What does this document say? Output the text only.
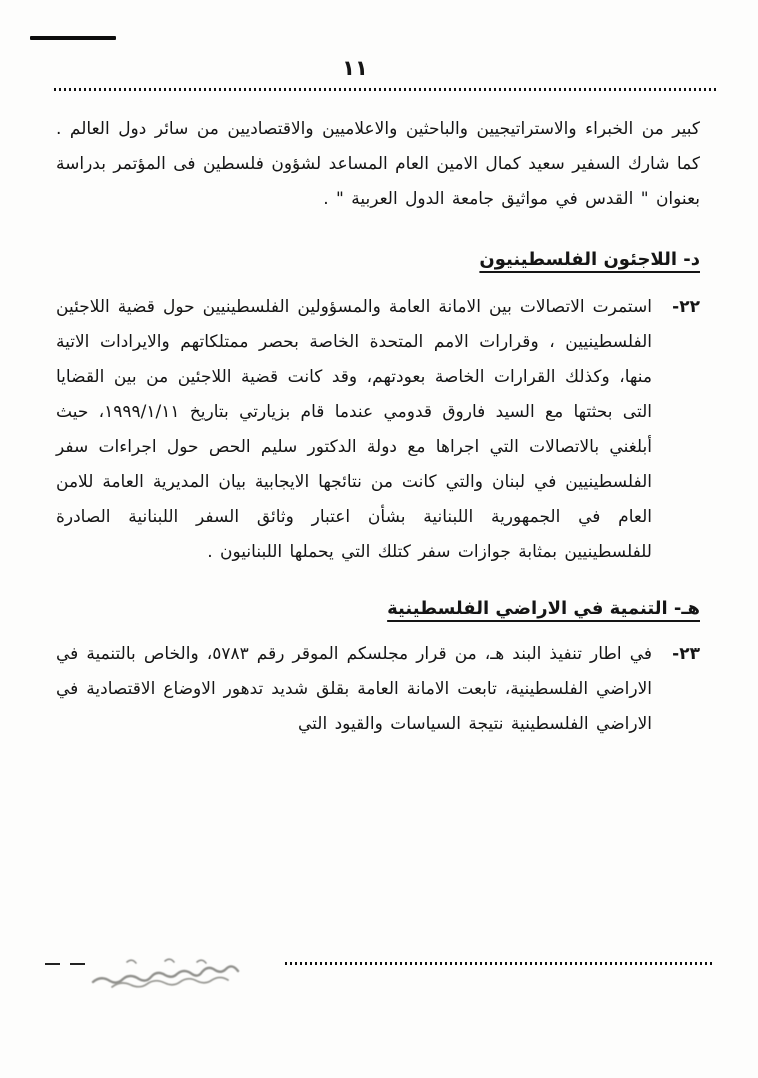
١١

كبير من الخبراء والاستراتيجيين والباحثين والاعلاميين والاقتصاديين من سائر دول العالم . كما شارك السفير سعيد كمال الامين العام المساعد لشؤون فلسطين فى المؤتمر بدراسة بعنوان " القدس في مواثيق جامعة الدول العربية " .

د- اللاجئون الفلسطينيون
٢٢-

استمرت الاتصالات بين الامانة العامة والمسؤولين الفلسطينيين حول قضية اللاجئين الفلسطينيين ، وقرارات الامم المتحدة الخاصة بحصر ممتلكاتهم والايرادات الاتية منها، وكذلك القرارات الخاصة بعودتهم، وقد كانت قضية اللاجئين من بين القضايا التى بحثتها مع السيد فاروق قدومي عندما قام بزيارتي بتاريخ ١٩٩٩/١/١١، حيث أبلغني بالاتصالات التي اجراها مع دولة الدكتور سليم الحص حول اجراءات سفر الفلسطينيين في لبنان والتي كانت من نتائجها الايجابية بيان المديرية العامة للامن العام في الجمهورية اللبنانية بشأن اعتبار وثائق السفر اللبنانية الصادرة للفلسطينيين بمثابة جوازات سفر كتلك التي يحملها اللبنانيون .

هـ- التنمية في الاراضي الفلسطينية
٢٣-

في اطار تنفيذ البند هـ، من قرار مجلسكم الموقر رقم ٥٧٨٣، والخاص بالتنمية في الاراضي الفلسطينية، تابعت الامانة العامة بقلق شديد تدهور الاوضاع الاقتصادية في الاراضي الفلسطينية نتيجة السياسات والقيود التي
